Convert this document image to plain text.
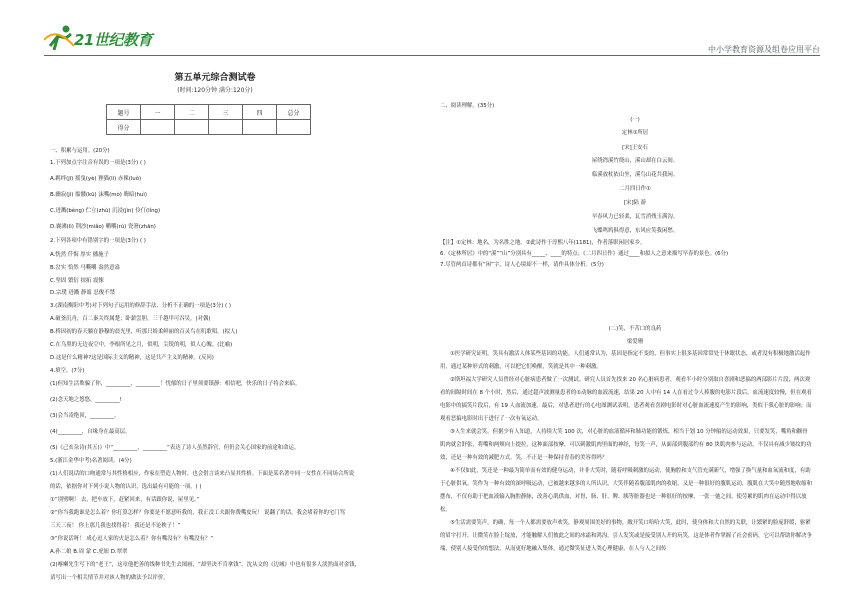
21世纪教育
中小学教育资源及组卷应用平台
第五单元综合测试卷
(时间:120分钟 满分:120分)
题号	一	二	三	四	总分
得分					
一、积累与运用。(20分)
1.下列加点字注音有误的一项是(3分) ( )
A.羁绊(jī) 摇曳(yè) 狸猫(lí) 赤裸(luǒ)
B.幽寂(jì) 骷髅(kū) 沫嘴(mò) 晦暗(huì)
C.迸溅(bèng) 伫立(zhù) 沉浸(jìn) 伶仃(líng)
D.襄沸(lì) 荆沙(miǎo) 嚼嚼(rú) 瓷箸(zhān)
2.下列各项中有错别字的一项是(3分) ( )
A.恍然 仟悔 厚实 播施子
B.岔实 恰然 马嘶嚼 盎然意盎
C.坚固 繁衍 掠拓 震悚
D.宗璞 迸溅 静谧 忍俊不禁
3.(湖南衡阳中考)对下列句子运用的修辞手法，分析不正确的一项是(3分) ( )
A.破釜沉舟，百二秦关终属楚；卧薪尝胆，三千越甲可吞吴。(对偶)
B.桥因初的春天躺在静穆的晨光里，听那只娇柔鲜丽的百灵鸟在叽歌唱。(拟人)
C.在乌黑的无边夜空中，李根所见之月，似明，尖锐的明，似人心魄。(比喻)
D.这是什么精神?这是国际主义的精神，这是共产主义的精神。(反问)
4.填空。(7分)
(1)但知生活欺骗了你，_________，_________！忧郁的日子里须要镇静：相信吧，快乐的日子将会来临。
(2)念天地之悠悠，_________!
(3)会当凌绝顶，_________。
(4)_________，自缘身在最高层。
(5)《己亥杂诗(其五)》中“_________，_________”表达了诗人虽然辞官，但仍会关心国家的前途和命运。
5.(浙江金华中考)名著阅读。(4分)
(1)人们说话的口吻通常与其性格相应，作家在塑造人物时，也会借言谈来凸显其性格。下面是某名著中同一女性在不同场合所说
的话，依据你对下列小说人物的认识，选出最有可能的一项。( )
①“别劈啊！ 去，把车放下，赶紧回来，有话跟你说，屋里见。”
②“你当我跑谁是怎么着？你打算怎样？你要是不愿意听我的，我正没工夫跟你费嘴皮玩！ 说翻了的话，我会堵着你的宅门骂
三天三夜！ 你上那儿我也找得着！ 我还是不论秧子！”
③“你说话呀！ 成心逗人家的火是怎么着？你有嘴没有？有嘴没有？”
A.孙二娘 B.周 蒙 C.虎妞 D.翠翠
(2)喀喇先生写下的“老王”，这章他把善的线种书先生去图画，“却坚决不肯拿钱”。沈从文的《边城》中也有很多人淡然面对金钱，
请写出一个相关情节并对该人物的做法予以评价。
二、阅读理解。(35分)
(一)
定林①所居
[宋]王安石
屋绕湾溪竹绕山，溪山却在白云间。
临溪放杖依山坐，溪鸟山花共我闲。
二月四日作①
[宋]陆 游
早春风力已轻柔，瓦雪消残玉满沟。
飞蝶鸣鸠俱得意，东风应笑我闲愁。
【注】①定林：地名，为名胜之地。②此诗作于淳熙八年(1181)，作者落职闲居家乡。
6.《定林所居》中的“溪”“山”分别具有_____、____的特点；《二月四日作》通过____和拟人之意来描写早春的景色。(6分)
7.尽管两首诗都有“闲”字，诗人心境却不一样，请作具体分析。(5分)
(二)笑，不苦口的良药
梁爱珊
①医学研究证明，笑具有激活人体某些基因的功能。人们通常认为，基因是指定不变的，但事实上很多基因常常处于休眠状态，或者没有积极地激活起作用，通过某种形式的刺激，可以把它们唤醒，笑就是其中一种刺激。
②斯坦福大学研究人员曾经对心脏病患者做了一次测试。研究人员首先找来 20 名心脏病患者，观看半小时分别取自喜剧和恶搞的两部影片片段，两次观看的间隔时间在 8 个小时，然后，通过超声波测量患者的①动脉的血液流速，结果 20 人中有 14 人在看过令人捧腹的电影片段后，血流速度较慢，但在观看电影中的搞笑片段后，有 19 人血流加速。最后，对患者进行的心电图测试表明，患者观看喜剧电影时对心脏血流速度产生的影响，类似于我心脏的影响；而观看恶搞电影时出于进行了一次有氧运动。
③人生来就会笑，但据少有人知道，人持续大笑 100 次，对心脏的血液循环和肺功能的锻炼，相当于划 10 分钟船的运动效果，只要发笑，嘴角和颧骨肌肉就会舒张，将嘴和两颊向上提拉，这种面部按摩，可以刺激肌肉里面的神经，每笑一声，从面部到腹部约有 80 块肌肉参与运动，不仅具有减少皱纹的功效，还是一种有效的减肥方式。笑，不正是一种保持青春的美容得吗？
④不仅如此，笑还是一种最为简单而有效的健身运动，并非大笑时，随着呼吸刺激的运动，使胸腔和支气管充满新气，增强了换气量和血氧流和度，有助于心脏供氧。笑作为一种有效的深呼吸运动，已被越来越多的人所认识，大笑伴随着腹部肌肉的收缩，又是一种很好的腹肌运动，腹肌在大笑中随烈地收缩和摆布，不仅有助于把血液输入胸腔静脉，改善心肌供血，对胃、肠、肝、脾、胰等脏器也是一种很好的按摩，一张一弛之间，使劳累的肌肉在运动中得以放松。
⑤生活需要笑声，的确，每一个人都需要放声欢笑，静观周围美好的事物，敞开笑口哈哈大笑，此时，使身体和大自然的关联，让繁紧的脸庞舒缓，驱紧的眉宇打开，让微笑在脸上绽放，才能触解人们彼此之间的冰霜和鸿沟，引人发笑或是接受别人开的玩笑，这是体者作掌握了社会密码，它可以帮助你解决争端，使别人接受你的想法，从而更好地融入集体，通过微笑征进人类心理健康，在人与人之间传
